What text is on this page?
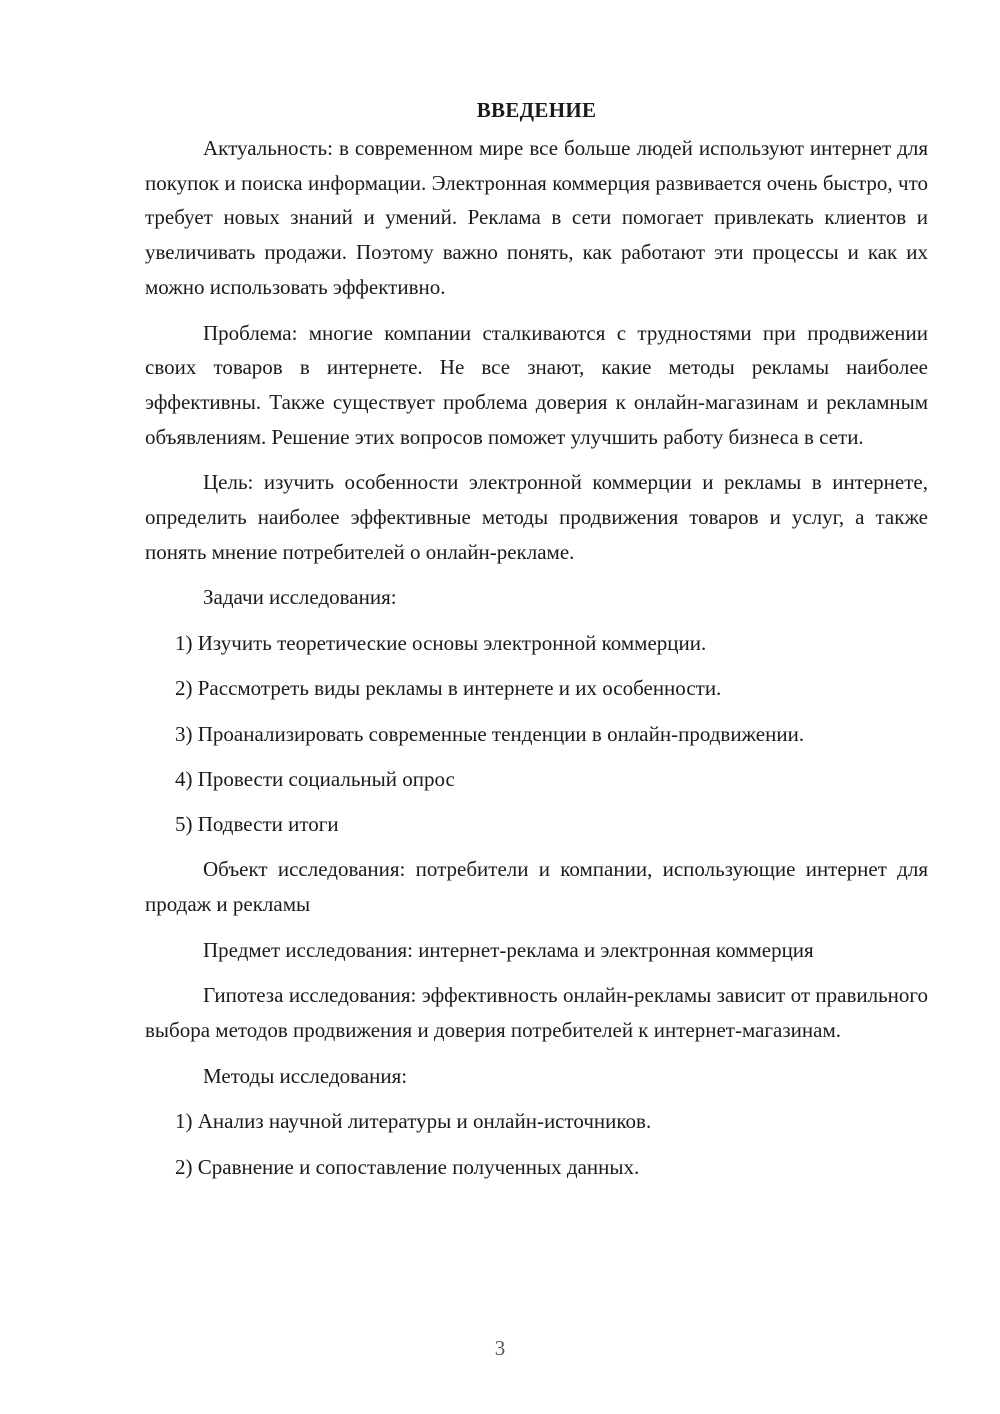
ВВЕДЕНИЕ

Актуальность: в современном мире все больше людей используют интернет для покупок и поиска информации. Электронная коммерция развивается очень быстро, что требует новых знаний и умений. Реклама в сети помогает привлекать клиентов и увеличивать продажи. Поэтому важно понять, как работают эти процессы и как их можно использовать эффективно.

Проблема: многие компании сталкиваются с трудностями при продвижении своих товаров в интернете. Не все знают, какие методы рекламы наиболее эффективны. Также существует проблема доверия к онлайн-магазинам и рекламным объявлениям. Решение этих вопросов поможет улучшить работу бизнеса в сети.

Цель: изучить особенности электронной коммерции и рекламы в интернете, определить наиболее эффективные методы продвижения товаров и услуг, а также понять мнение потребителей о онлайн-рекламе.

Задачи исследования:

1) Изучить теоретические основы электронной коммерции.

2) Рассмотреть виды рекламы в интернете и их особенности.

3) Проанализировать современные тенденции в онлайн-продвижении.

4) Провести социальный опрос

5) Подвести итоги

Объект исследования: потребители и компании, использующие интернет для продаж и рекламы

Предмет исследования: интернет-реклама и электронная коммерция

Гипотеза исследования: эффективность онлайн-рекламы зависит от правильного выбора методов продвижения и доверия потребителей к интернет-магазинам.

Методы исследования:

1) Анализ научной литературы и онлайн-источников.

2) Сравнение и сопоставление полученных данных.

3
